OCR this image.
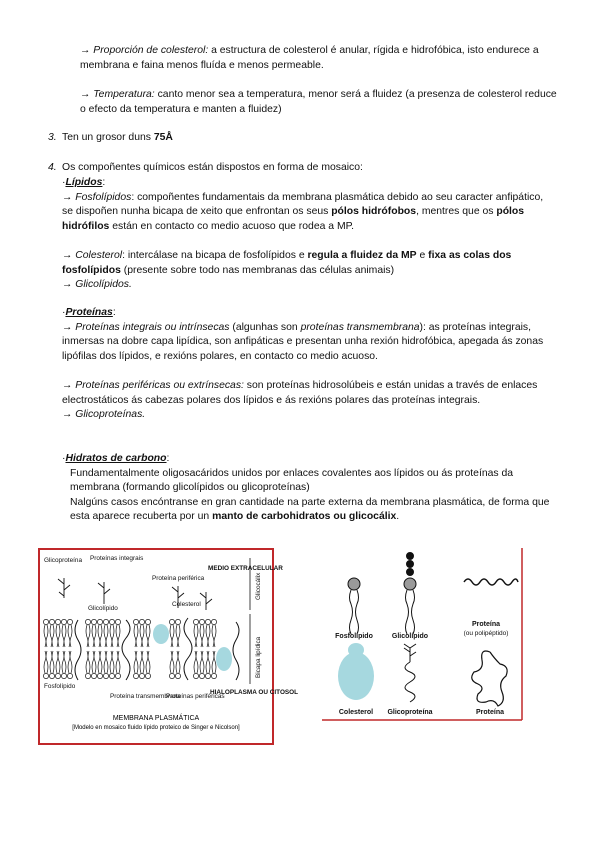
→ Proporción de colesterol: a estructura de colesterol é anular, rígida e hidrofóbica, isto endurece a membrana e faina menos fluída e menos permeable.

→ Temperatura: canto menor sea a temperatura, menor será a fluidez (a presenza de colesterol reduce o efecto da temperatura e manten a fluidez)

3. Ten un grosor duns 75Å
4. Os compoñentes químicos están dispostos en forma de mosaico:

·Lípidos:

→ Fosfolípidos: compoñentes fundamentais da membrana plasmática debido ao seu caracter anfipático, se dispoñen nunha bicapa de xeito que enfrontan os seus pólos hidrófobos, mentres que os pólos hidrófilos están en contacto co medio acuoso que rodea a MP.

→ Colesterol: intercálase na bicapa de fosfolípidos e regula a fluidez da MP e fixa as colas dos fosfolípidos (presente sobre todo nas membranas das células animais)

→ Glicolípidos.

·Proteínas:

→ Proteínas integrais ou intrínsecas (algunhas son proteínas transmembrana): as proteínas integrais, inmersas na dobre capa lipídica, son anfipáticas e presentan unha rexión hidrofóbica, apegada ás zonas lipófilas dos lípidos, e rexións polares, en contacto co medio acuoso.

→ Proteínas periféricas ou extrínsecas: son proteínas hidrosolúbeis e están unidas a través de enlaces electrostáticos ás cabezas polares dos lípidos e ás rexións polares das proteínas integrais.

→ Glicoproteínas.

·Hidratos de carbono:

Fundamentalmente oligosacáridos unidos por enlaces covalentes aos lípidos ou ás proteínas da membrana (formando glicolípidos ou glicoproteínas)

Nalgúns casos encóntranse en gran cantidade na parte externa da membrana plasmática, de forma que esta aparece recuberta por un manto de carbohidratos ou glicocálix.

Glicoproteína Proteínas integrais
Proteína periférica
MEDIO EXTRACELULAR
Glicocálix
Colesterol
Glicolípido
Bicapa lipídica
Fosfolípido
Proteína transmembrana
Proteínas periféricas
HIALOPLASMA OU CITOSOL
MEMBRANA PLASMÁTICA
[Modelo en mosaico fluido lípido proteico de Singer e Nicolson]
Fosfolípido	Glicolípido
Proteína
Colesterol Glicoproteína	Proteína
(ou polipéptido)
